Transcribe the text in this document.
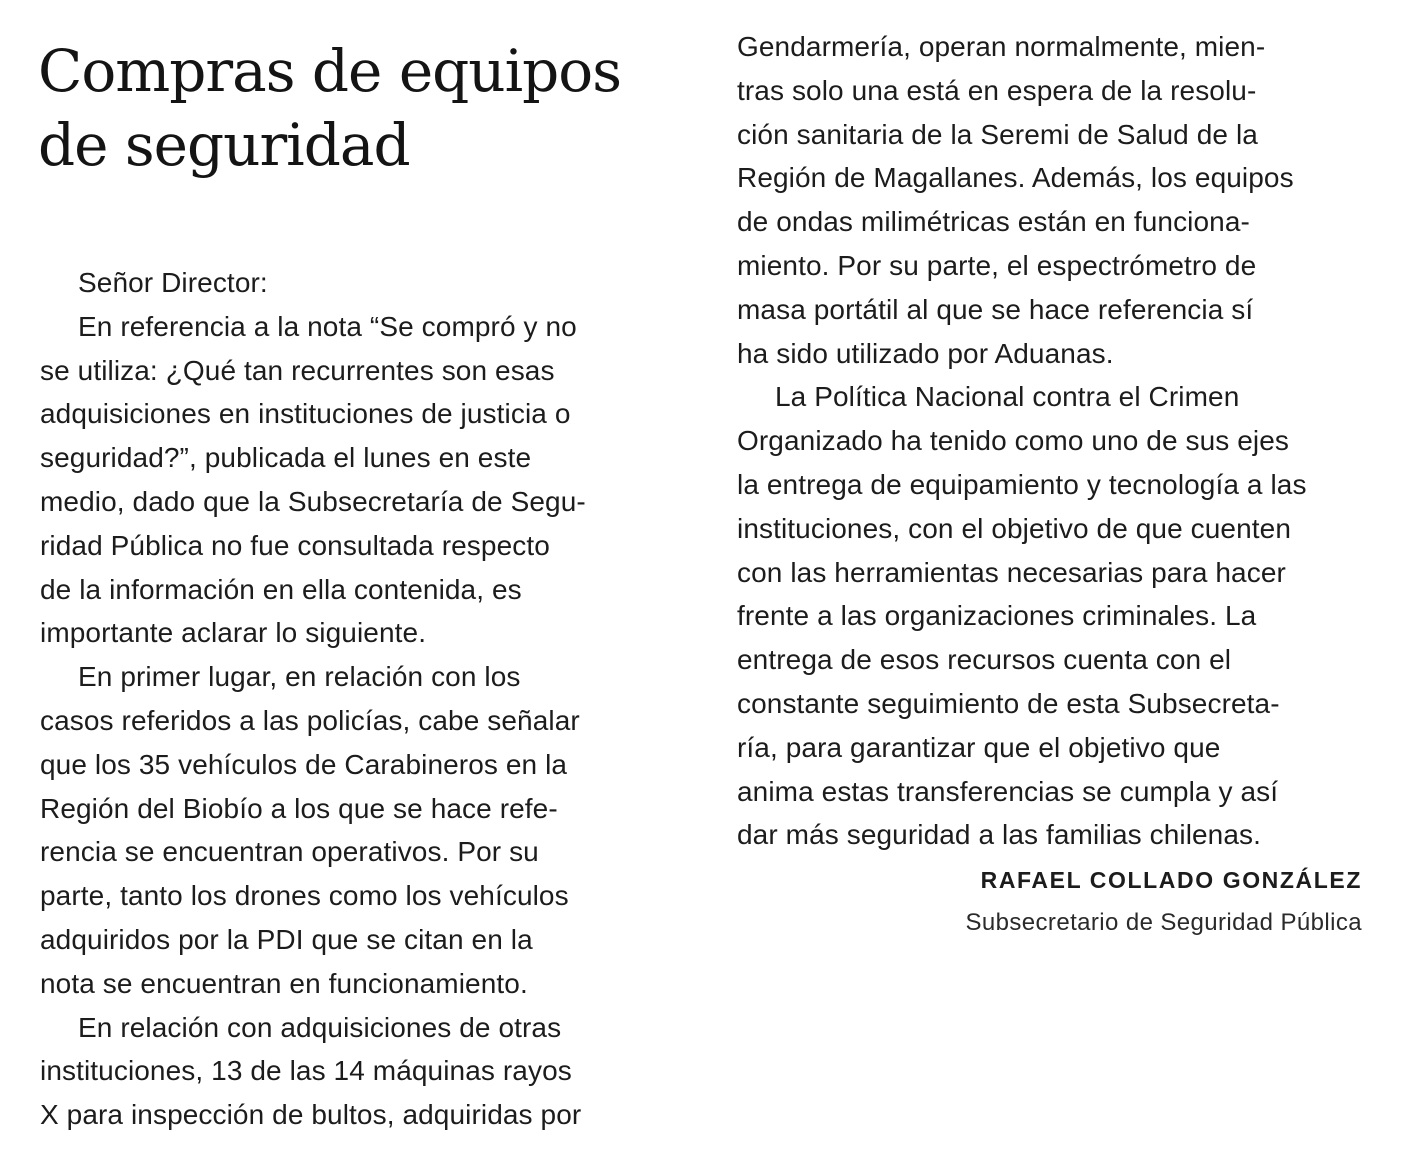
Compras de equipos
de seguridad
Señor Director:
En referencia a la nota “Se compró y no
se utiliza: ¿Qué tan recurrentes son esas
adquisiciones en instituciones de justicia o
seguridad?”, publicada el lunes en este
medio, dado que la Subsecretaría de Segu-
ridad Pública no fue consultada respecto
de la información en ella contenida, es
importante aclarar lo siguiente.
En primer lugar, en relación con los
casos referidos a las policías, cabe señalar
que los 35 vehículos de Carabineros en la
Región del Biobío a los que se hace refe-
rencia se encuentran operativos. Por su
parte, tanto los drones como los vehículos
adquiridos por la PDI que se citan en la
nota se encuentran en funcionamiento.
En relación con adquisiciones de otras
instituciones, 13 de las 14 máquinas rayos
X para inspección de bultos, adquiridas por
Gendarmería, operan normalmente, mien-
tras solo una está en espera de la resolu-
ción sanitaria de la Seremi de Salud de la
Región de Magallanes. Además, los equipos
de ondas milimétricas están en funciona-
miento. Por su parte, el espectrómetro de
masa portátil al que se hace referencia sí
ha sido utilizado por Aduanas.
La Política Nacional contra el Crimen
Organizado ha tenido como uno de sus ejes
la entrega de equipamiento y tecnología a las
instituciones, con el objetivo de que cuenten
con las herramientas necesarias para hacer
frente a las organizaciones criminales. La
entrega de esos recursos cuenta con el
constante seguimiento de esta Subsecreta-
ría, para garantizar que el objetivo que
anima estas transferencias se cumpla y así
dar más seguridad a las familias chilenas.
RAFAEL COLLADO GONZÁLEZ
Subsecretario de Seguridad Pública
